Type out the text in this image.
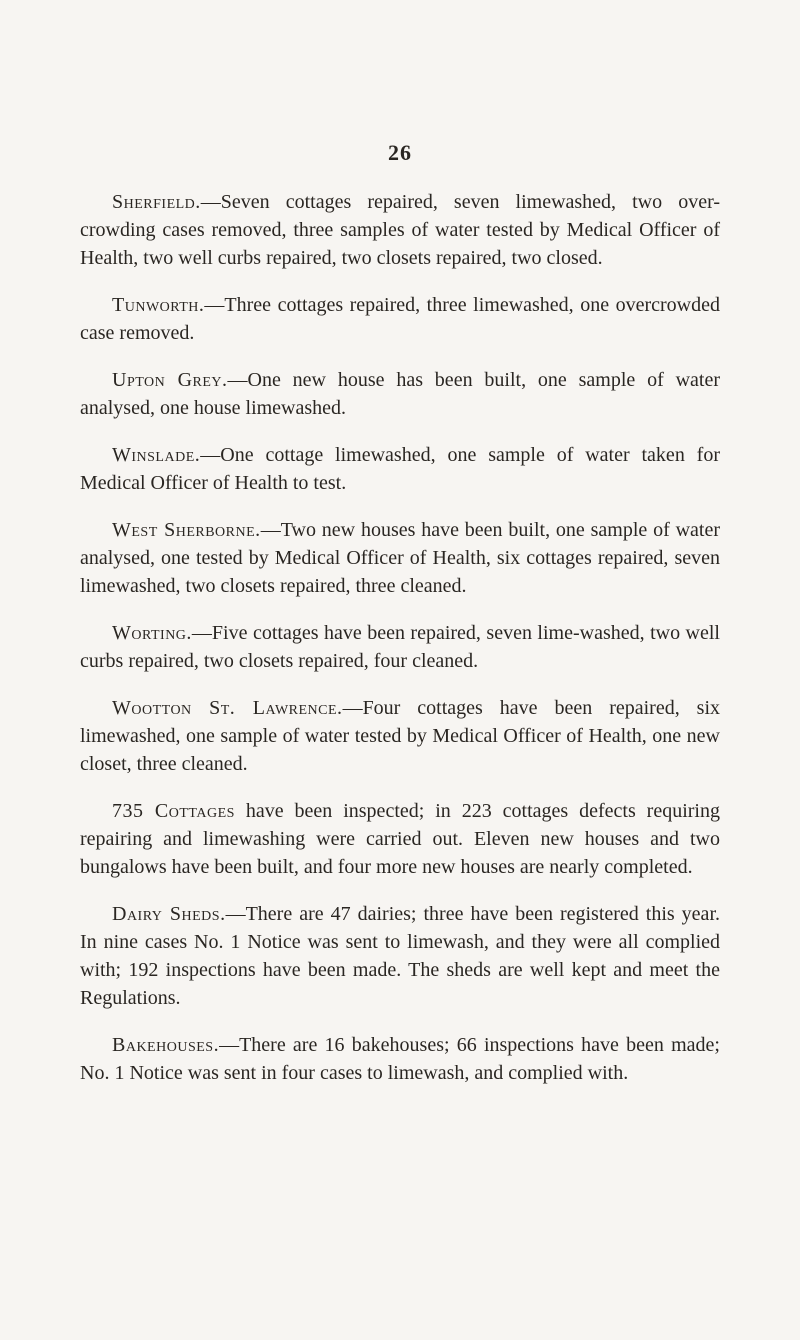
26

Sherfield.—Seven cottages repaired, seven limewashed, two over-crowding cases removed, three samples of water tested by Medical Officer of Health, two well curbs repaired, two closets repaired, two closed.

Tunworth.—Three cottages repaired, three limewashed, one overcrowded case removed.

Upton Grey.—One new house has been built, one sample of water analysed, one house limewashed.

Winslade.—One cottage limewashed, one sample of water taken for Medical Officer of Health to test.

West Sherborne.—Two new houses have been built, one sample of water analysed, one tested by Medical Officer of Health, six cottages repaired, seven limewashed, two closets repaired, three cleaned.

Worting.—Five cottages have been repaired, seven lime-washed, two well curbs repaired, two closets repaired, four cleaned.

Wootton St. Lawrence.—Four cottages have been repaired, six limewashed, one sample of water tested by Medical Officer of Health, one new closet, three cleaned.

735 Cottages have been inspected; in 223 cottages defects requiring repairing and limewashing were carried out. Eleven new houses and two bungalows have been built, and four more new houses are nearly completed.

Dairy Sheds.—There are 47 dairies; three have been registered this year. In nine cases No. 1 Notice was sent to limewash, and they were all complied with; 192 inspections have been made. The sheds are well kept and meet the Regulations.

Bakehouses.—There are 16 bakehouses; 66 inspections have been made; No. 1 Notice was sent in four cases to limewash, and complied with.
